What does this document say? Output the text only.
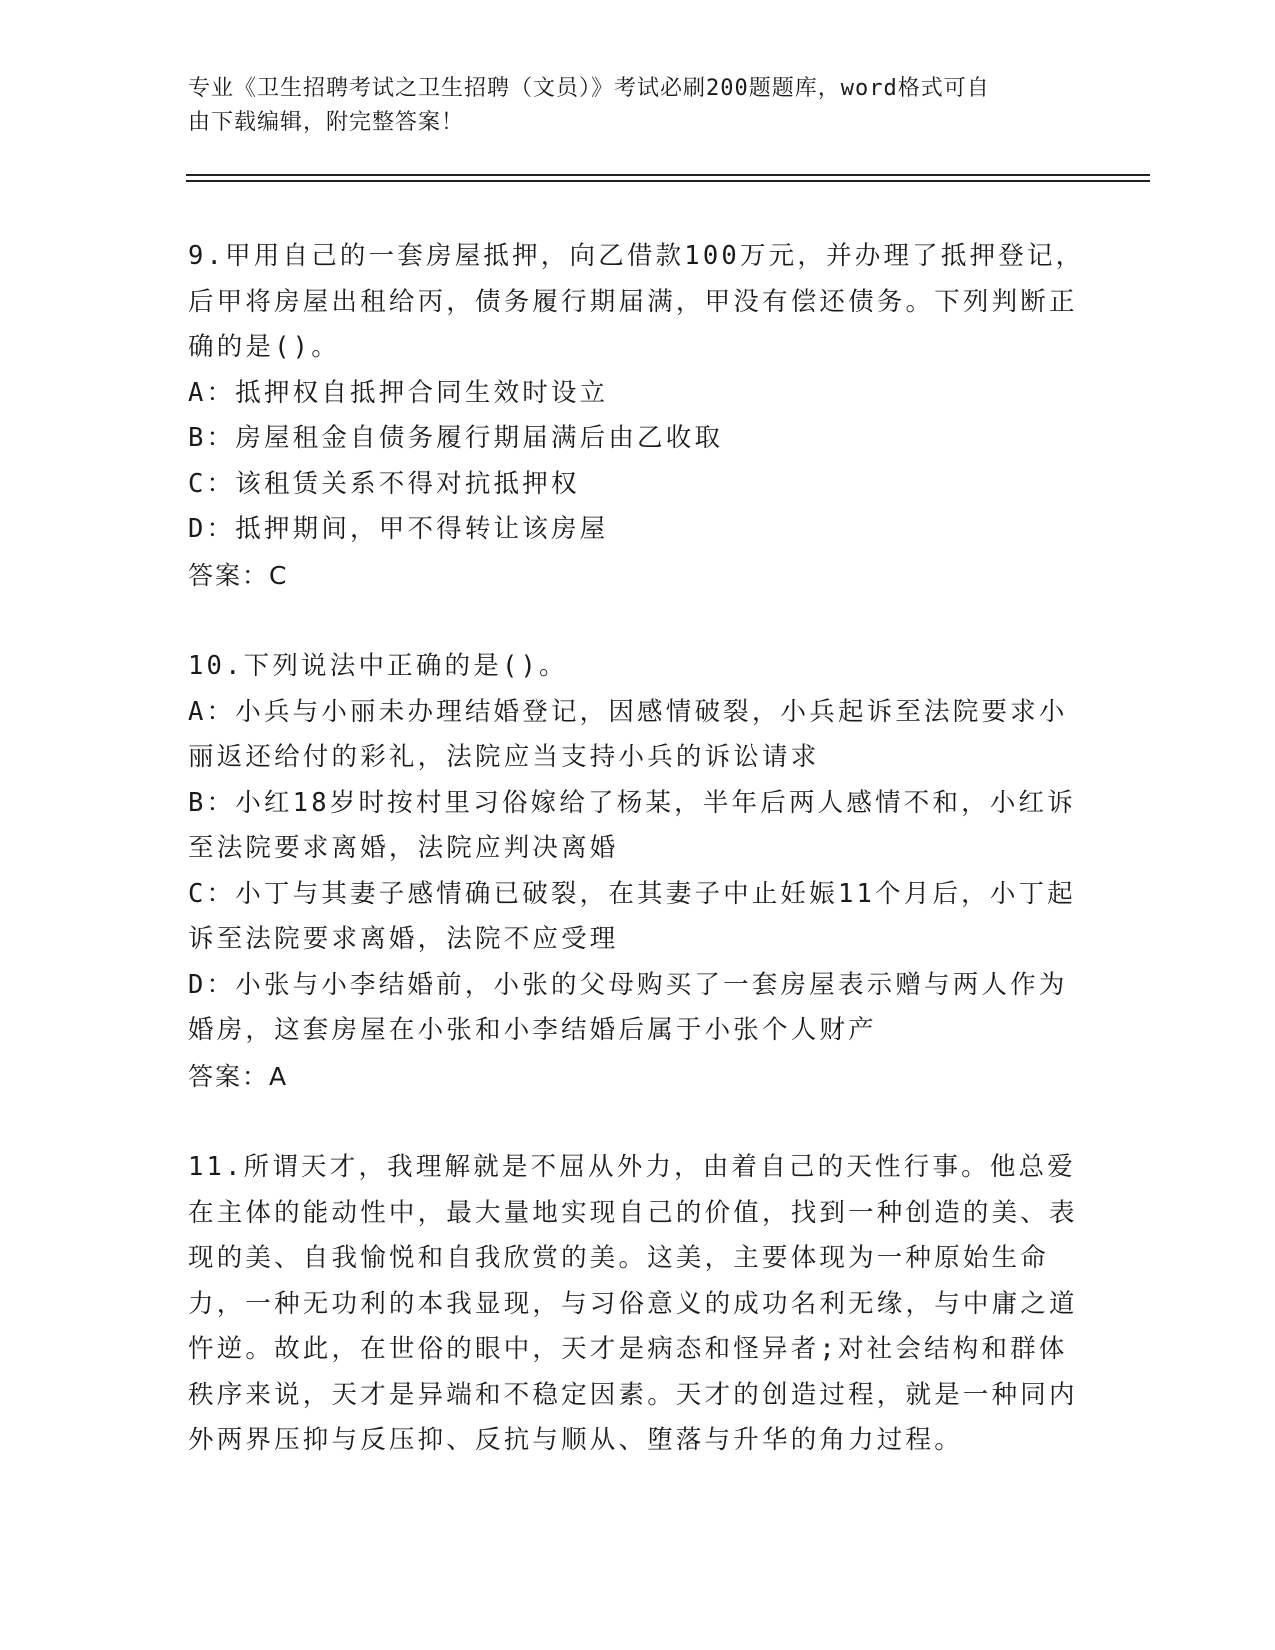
专业《卫生招聘考试之卫生招聘（文员）》考试必刷200题题库，word格式可自
由下载编辑，附完整答案！

9.甲用自己的一套房屋抵押，向乙借款100万元，并办理了抵押登记，后甲将房屋出租给丙，债务履行期届满，甲没有偿还债务。下列判断正确的是()。

A：抵押权自抵押合同生效时设立

B：房屋租金自债务履行期届满后由乙收取

C：该租赁关系不得对抗抵押权

D：抵押期间，甲不得转让该房屋

答案：C

10.下列说法中正确的是()。

A：小兵与小丽未办理结婚登记，因感情破裂，小兵起诉至法院要求小丽返还给付的彩礼，法院应当支持小兵的诉讼请求

B：小红18岁时按村里习俗嫁给了杨某，半年后两人感情不和，小红诉至法院要求离婚，法院应判决离婚

C：小丁与其妻子感情确已破裂，在其妻子中止妊娠11个月后，小丁起诉至法院要求离婚，法院不应受理

D：小张与小李结婚前，小张的父母购买了一套房屋表示赠与两人作为婚房，这套房屋在小张和小李结婚后属于小张个人财产

答案：A

11.所谓天才，我理解就是不屈从外力，由着自己的天性行事。他总爱在主体的能动性中，最大量地实现自己的价值，找到一种创造的美、表现的美、自我愉悦和自我欣赏的美。这美，主要体现为一种原始生命力，一种无功利的本我显现，与习俗意义的成功名利无缘，与中庸之道忤逆。故此，在世俗的眼中，天才是病态和怪异者;对社会结构和群体秩序来说，天才是异端和不稳定因素。天才的创造过程，就是一种同内外两界压抑与反压抑、反抗与顺从、堕落与升华的角力过程。
